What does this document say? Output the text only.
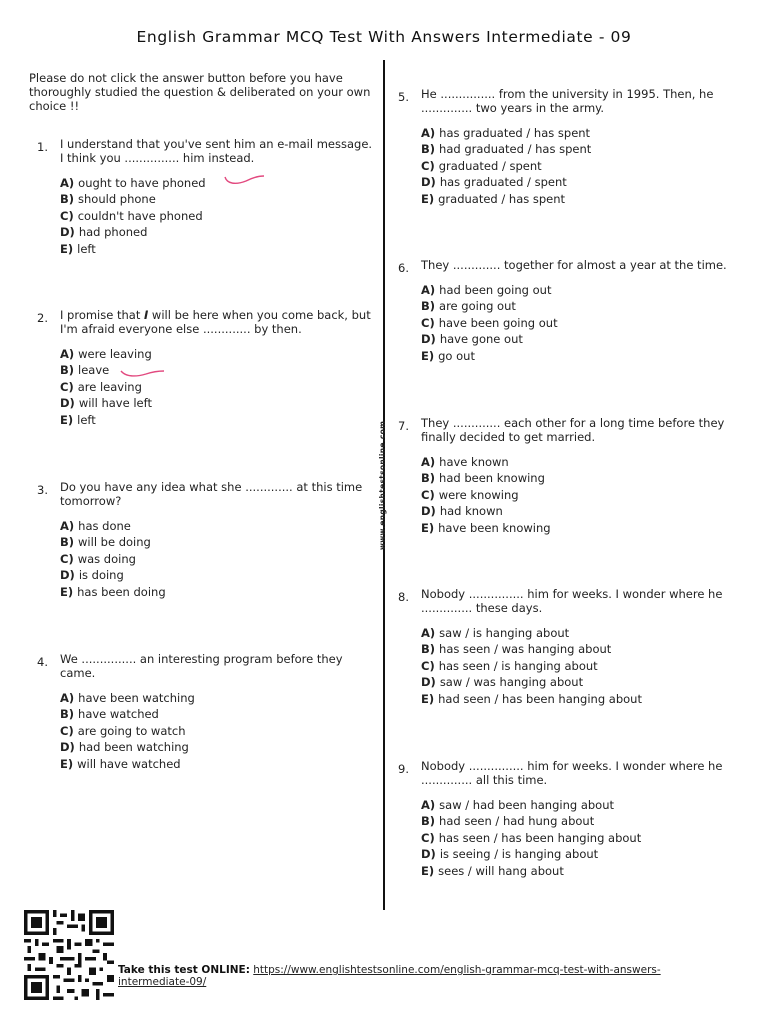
English Grammar MCQ Test With Answers Intermediate - 09
Please do not click the answer button before you have thoroughly studied the question & deliberated on your own choice !!
www.englishtestsonline.com
1.	I understand that you've sent him an e-mail message. I think you ............... him instead.
A) ought to have phoned
B) should phone
C) couldn't have phoned
D) had phoned
E) left
2.	I promise that I will be here when you come back, but I'm afraid everyone else ............. by then.
A) were leaving
B) leave
C) are leaving
D) will have left
E) left
3.	Do you have any idea what she ............. at this time tomorrow?
A) has done
B) will be doing
C) was doing
D) is doing
E) has been doing
4.	We ............... an interesting program before they came.
A) have been watching
B) have watched
C) are going to watch
D) had been watching
E) will have watched
5.	He ............... from the university in 1995. Then, he .............. two years in the army.
A) has graduated / has spent
B) had graduated / has spent
C) graduated / spent
D) has graduated / spent
E) graduated / has spent
6.	They ............. together for almost a year at the time.
A) had been going out
B) are going out
C) have been going out
D) have gone out
E) go out
7.	They ............. each other for a long time before they finally decided to get married.
A) have known
B) had been knowing
C) were knowing
D) had known
E) have been knowing
8.	Nobody ............... him for weeks. I wonder where he .............. these days.
A) saw / is hanging about
B) has seen / was hanging about
C) has seen / is hanging about
D) saw / was hanging about
E) had seen / has been hanging about
9.	Nobody ............... him for weeks. I wonder where he .............. all this time.
A) saw / had been hanging about
B) had seen / had hung about
C) has seen / has been hanging about
D) is seeing / is hanging about
E) sees / will hang about
Take this test ONLINE: https://www.englishtestsonline.com/english-grammar-mcq-test-with-answers-intermediate-09/
